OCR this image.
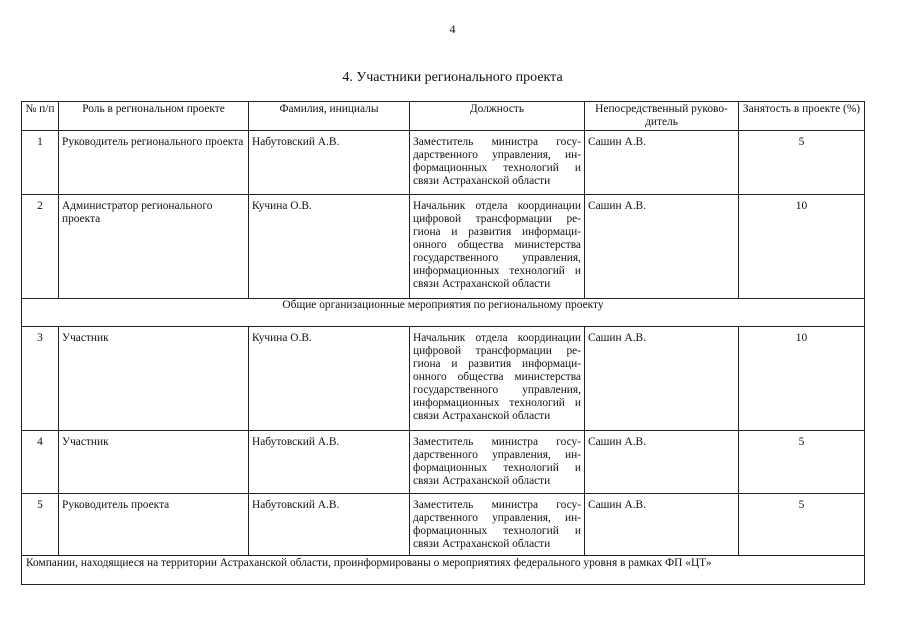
4
4. Участники регионального проекта
№ п/п	Роль в региональном проекте	Фамилия, инициалы	Должность	Непосредственный руково-дитель	Занятость в проекте (%)
1	Руководитель регионального проекта	Набутовский А.В.	Заместитель министра госу-дарственного управления, ин-формационных технологий и связи Астраханской области	Сашин А.В.	5
2	Администратор регионального проекта	Кучина О.В.	Начальник отдела координации цифровой трансформации ре-гиона и развития информаци-онного общества министерства государственного управления, информационных технологий и связи Астраханской области	Сашин А.В.	10
Общие организационные мероприятия по региональному проекту					
3	Участник	Кучина О.В.	Начальник отдела координации цифровой трансформации ре-гиона и развития информаци-онного общества министерства государственного управления, информационных технологий и связи Астраханской области	Сашин А.В.	10
4	Участник	Набутовский А.В.	Заместитель министра госу-дарственного управления, ин-формационных технологий и связи Астраханской области	Сашин А.В.	5
5	Руководитель проекта	Набутовский А.В.	Заместитель министра госу-дарственного управления, ин-формационных технологий и связи Астраханской области	Сашин А.В.	5
Компании, находящиеся на территории Астраханской области, проинформированы о мероприятиях федерального уровня в рамках ФП «ЦТ»					
